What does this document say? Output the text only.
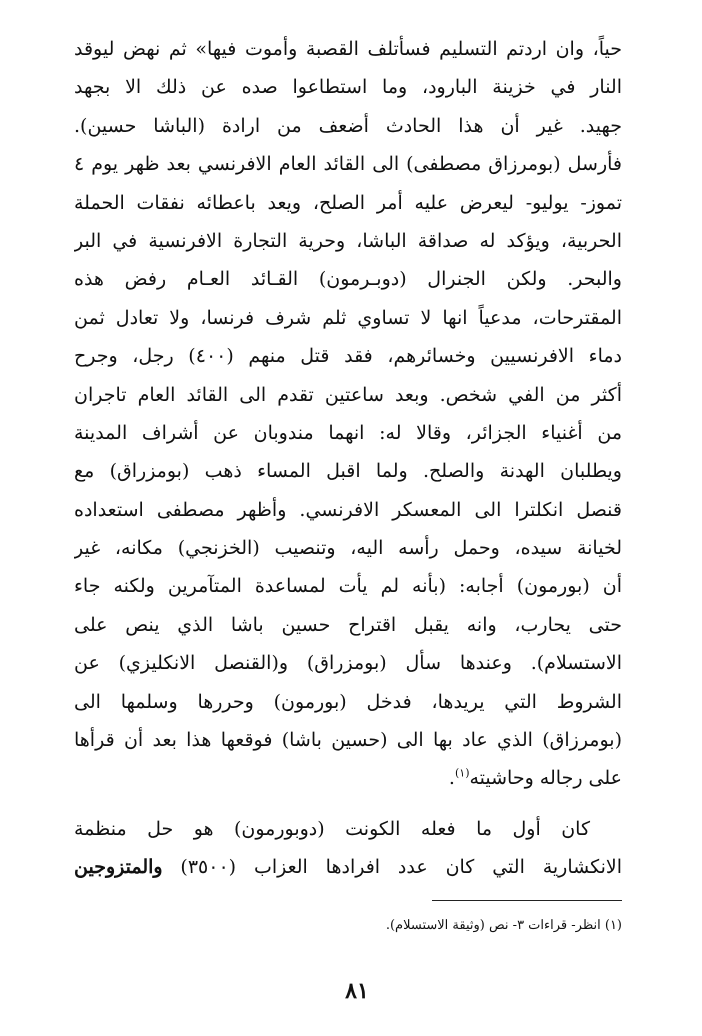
حياً، وان اردتم التسليم فسأتلف القصبة وأموت فيها» ثم نهض ليوقد
النار في خزينة البارود، وما استطاعوا صده عن ذلك الا بجهد
جهيد. غير أن هذا الحادث أضعف من ارادة (الباشا حسين).
فأرسل (بومرزاق مصطفى) الى القائد العام الافرنسي بعد ظهر يوم ٤
تموز- يوليو- ليعرض عليه أمر الصلح، ويعد باعطائه نفقات الحملة
الحربية، ويؤكد له صداقة الباشا، وحرية التجارة الافرنسية في البر
والبحر. ولكن الجنرال (دوبـرمون) القـائد العـام رفض هذه
المقترحات، مدعياً انها لا تساوي ثلم شرف فرنسا، ولا تعادل ثمن
دماء الافرنسيين وخسائرهم، فقد قتل منهم (٤٠٠) رجل، وجرح
أكثر من الفي شخص. وبعد ساعتين تقدم الى القائد العام تاجران
من أغنياء الجزائر، وقالا له: انهما مندوبان عن أشراف المدينة
ويطلبان الهدنة والصلح. ولما اقبل المساء ذهب (بومزراق) مع
قنصل انكلترا الى المعسكر الافرنسي. وأظهر مصطفى استعداده
لخيانة سيده، وحمل رأسه اليه، وتنصيب (الخزنجي) مكانه، غير
أن (بورمون) أجابه: (بأنه لم يأت لمساعدة المتآمرين ولكنه جاء
حتى يحارب، وانه يقبل اقتراح حسين باشا الذي ينص على
الاستسلام). وعندها سأل (بومزراق) و(القنصل الانكليزي) عن
الشروط التي يريدها، فدخل (بورمون) وحررها وسلمها الى
(بومرزاق) الذي عاد بها الى (حسين باشا) فوقعها هذا بعد أن قرأها
على رجاله وحاشيته$^{(١)}$.
كان أول ما فعله الكونت (دوبورمون) هو حل منظمة
الانكشارية التي كان عدد افرادها العزاب (٣٥٠٠) والمتزوجين
(١) انظر- قراءات ٣- نص (وثيقة الاستسلام).
٨١
